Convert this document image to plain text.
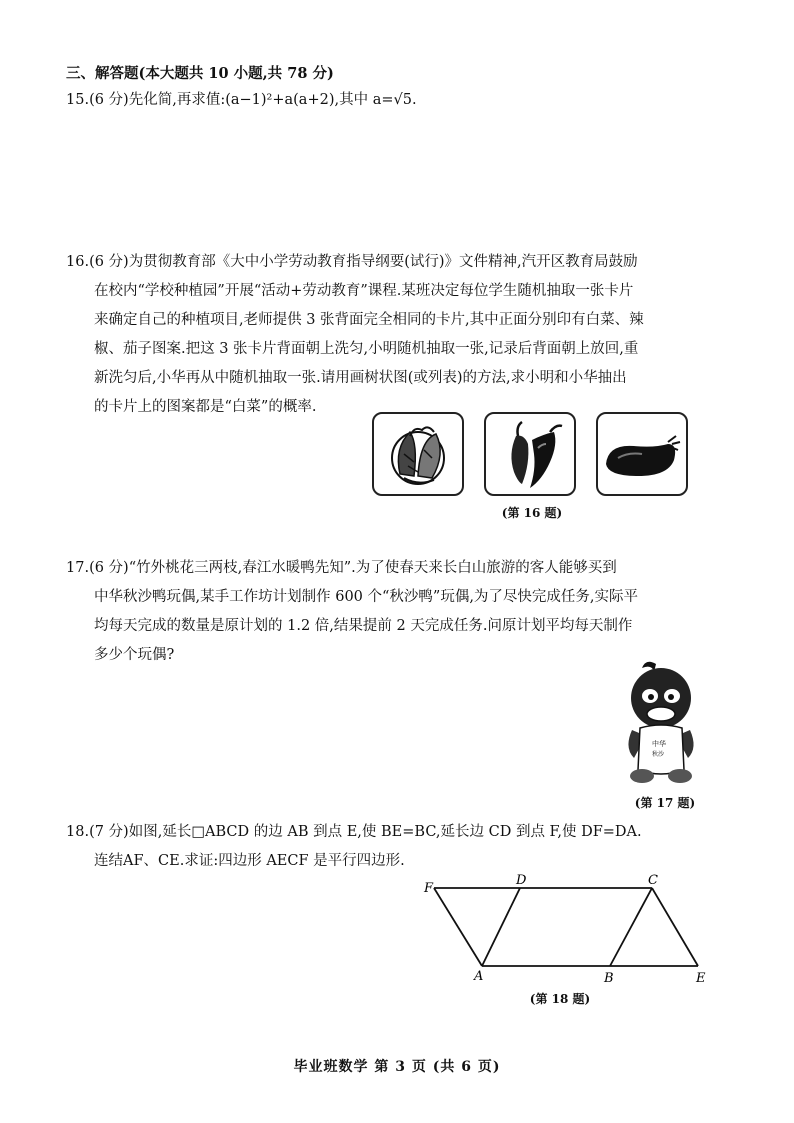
三、解答题(本大题共 10 小题,共 78 分)
15.(6 分)先化简,再求值:(a−1)²+a(a+2),其中 a=√5.
16.(6 分)为贯彻教育部《大中小学劳动教育指导纲要(试行)》文件精神,汽开区教育局鼓励
在校内“学校种植园”开展“活动+劳动教育”课程.某班决定每位学生随机抽取一张卡片
来确定自己的种植项目,老师提供 3 张背面完全相同的卡片,其中正面分别印有白菜、辣
椒、茄子图案.把这 3 张卡片背面朝上洗匀,小明随机抽取一张,记录后背面朝上放回,重
新洗匀后,小华再从中随机抽取一张.请用画树状图(或列表)的方法,求小明和小华抽出
的卡片上的图案都是“白菜”的概率.
(第 16 题)
17.(6 分)“竹外桃花三两枝,春江水暖鸭先知”.为了使春天来长白山旅游的客人能够买到
中华秋沙鸭玩偶,某手工作坊计划制作 600 个“秋沙鸭”玩偶,为了尽快完成任务,实际平
均每天完成的数量是原计划的 1.2 倍,结果提前 2 天完成任务.问原计划平均每天制作
多少个玩偶?
中华
秋沙
(第 17 题)
18.(7 分)如图,延长□ABCD 的边 AB 到点 E,使 BE=BC,延长边 CD 到点 F,使 DF=DA.
连结AF、CE.求证:四边形 AECF 是平行四边形.
F
D	C
A	B	E
(第 18 题)
毕业班数学 第 3 页 (共 6 页)
